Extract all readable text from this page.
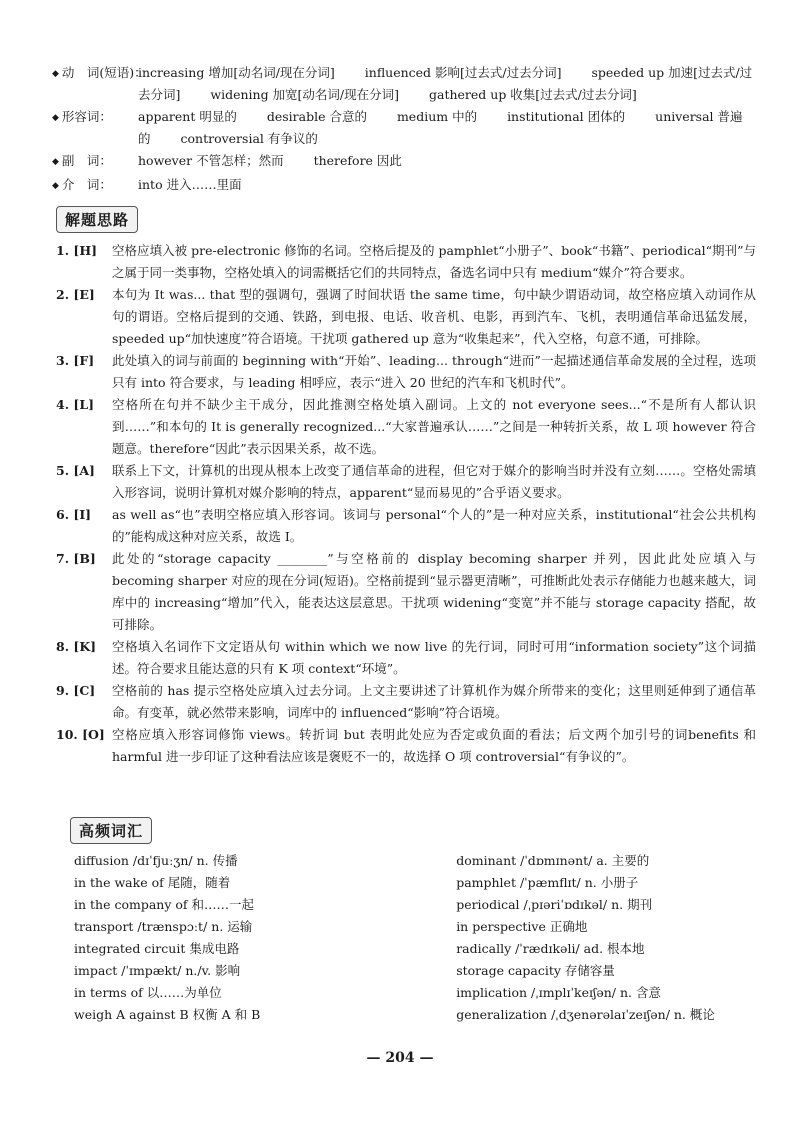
◆ 动　词(短语)：
increasing 增加[动名词/现在分词] influenced 影响[过去式/过去分词] speeded up 加速[过去式/过去分词] widening 加宽[动名词/现在分词] gathered up 收集[过去式/过去分词]
◆ 形容词：	apparent 明显的 desirable 合意的 medium 中的 institutional 团体的 universal 普遍的 controversial 有争议的
◆ 副　词：	however 不管怎样；然而 therefore 因此
◆ 介　词：	into 进入……里面
解题思路
1. [H]	空格应填入被 pre-electronic 修饰的名词。空格后提及的 pamphlet“小册子”、book“书籍”、periodical“期刊”与之属于同一类事物，空格处填入的词需概括它们的共同特点，备选名词中只有 medium“媒介”符合要求。
2. [E]	本句为 It was... that 型的强调句，强调了时间状语 the same time，句中缺少谓语动词，故空格应填入动词作从句的谓语。空格后提到的交通、铁路，到电报、电话、收音机、电影，再到汽车、飞机，表明通信革命迅猛发展，speeded up“加快速度”符合语境。干扰项 gathered up 意为“收集起来”，代入空格，句意不通，可排除。
3. [F]	此处填入的词与前面的 beginning with“开始”、leading... through“进而”一起描述通信革命发展的全过程，选项只有 into 符合要求，与 leading 相呼应，表示“进入 20 世纪的汽车和飞机时代”。
4. [L]	空格所在句并不缺少主干成分，因此推测空格处填入副词。上文的 not everyone sees...“不是所有人都认识到……”和本句的 It is generally recognized...“大家普遍承认……”之间是一种转折关系，故 L 项 however 符合题意。therefore“因此”表示因果关系，故不选。
5. [A]	联系上下文，计算机的出现从根本上改变了通信革命的进程，但它对于媒介的影响当时并没有立刻……。空格处需填入形容词，说明计算机对媒介影响的特点，apparent“显而易见的”合乎语义要求。
6. [I]	as well as“也”表明空格应填入形容词。该词与 personal“个人的”是一种对应关系，institutional“社会公共机构的”能构成这种对应关系，故选 I。
7. [B]	此处的“storage capacity ________”与空格前的 display becoming sharper 并列，因此此处应填入与 becoming sharper 对应的现在分词(短语)。空格前提到“显示器更清晰”，可推断此处表示存储能力也越来越大，词库中的 increasing“增加”代入，能表达这层意思。干扰项 widening“变宽”并不能与 storage capacity 搭配，故可排除。
8. [K]	空格填入名词作下文定语从句 within which we now live 的先行词，同时可用“information society”这个词描述。符合要求且能达意的只有 K 项 context“环境”。
9. [C]	空格前的 has 提示空格处应填入过去分词。上文主要讲述了计算机作为媒介所带来的变化；这里则延伸到了通信革命。有变革，就必然带来影响，词库中的 influenced“影响”符合语境。
10. [O] 空格应填入形容词修饰 views。转折词 but 表明此处应为否定或负面的看法；后文两个加引号的词benefits 和 harmful 进一步印证了这种看法应该是褒贬不一的，故选择 O 项 controversial“有争议的”。
高频词汇
diffusion /dɪˈfjuːʒn/ n. 传播
in the wake of 尾随，随着
in the company of 和……一起
transport /trænspɔːt/ n. 运输
integrated circuit 集成电路
impact /ˈɪmpækt/ n./v. 影响
in terms of 以……为单位
weigh A against B 权衡 A 和 B
dominant /ˈdɒmɪnənt/ a. 主要的
pamphlet /ˈpæmflɪt/ n. 小册子
periodical /ˌpɪəriˈɒdɪkəl/ n. 期刊
in perspective 正确地
radically /ˈrædɪkəli/ ad. 根本地
storage capacity 存储容量
implication /ˌɪmplɪˈkeɪʃən/ n. 含意
generalization /ˌdʒenərəlaɪˈzeɪʃən/ n. 概论
— 204 —
